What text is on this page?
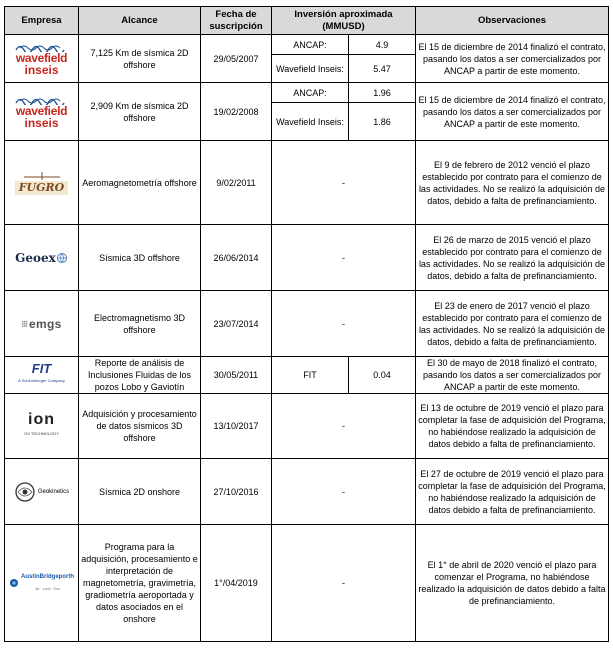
Empresa	Alcance	Fecha de suscripción	Inversión aproximada (MMUSD)		Observaciones

wavefield
inseis	7,125 Km de sísmica 2D offshore	29/05/2007	ANCAP:	4.9	El 15 de diciembre de 2014 finalizó el contrato, pasando los datos a ser comercializados por ANCAP a partir de este momento.
			Wavefield Inseis:	5.47	

wavefield
inseis	2,909 Km de sísmica 2D offshore	19/02/2008	ANCAP:	1.96	El 15 de diciembre de 2014 finalizó el contrato, pasando los datos a ser comercializados por ANCAP a partir de este momento.
			Wavefield Inseis:	1.86	

FUGRO	Aeromagnetometría offshore	9/02/2011	-		El 9 de febrero de 2012 venció el plazo establecido por contrato para el comienzo de las actividades. No se realizó la adquisición de datos, debido a falta de prefinanciamiento.

Geoex	Sísmica 3D offshore	26/06/2014	-		El 26 de marzo de 2015 venció el plazo establecido por contrato para el comienzo de las actividades. No se realizó la adquisición de datos, debido a falta de prefinanciamiento.

⁝⁝⁝ emgs	Electromagnetismo 3D offshore	23/07/2014	-		El 23 de enero de 2017 venció el plazo establecido por contrato para el comienzo de las actividades. No se realizó la adquisición de datos, debido a falta de prefinanciamiento.

FIT
A Schlumberger Company	Reporte de análisis de Inclusiones Fluidas de los pozos Lobo y Gaviotín	30/05/2011	FIT	0.04	El 30 de mayo de 2018 finalizó el contrato, pasando los datos a ser comercializados por ANCAP a partir de este momento.

ion
GX TECHNOLOGY	Adquisición y procesamiento de datos sísmicos 3D offshore	13/10/2017	-		El 13 de octubre de 2019 venció el plazo para completar la fase de adquisición del Programa, no habiéndose realizado la adquisición de datos debido a falta de prefinanciamiento.

Geokinetics	Sísmica 2D onshore	27/10/2016	-		El 27 de octubre de 2019 venció el plazo para completar la fase de adquisición del Programa, no habiéndose realizado la adquisición de datos debido a falta de prefinanciamiento.

AustinBridgeporth
Air · Land · Sea	Programa para la adquisición, procesamiento e interpretación de magnetometría, gravimetría, gradiometría aeroportada y datos asociados en el onshore	1°/04/2019	-		El 1° de abril de 2020 venció el plazo para comenzar el Programa, no habiéndose realizado la adquisición de datos debido a falta de prefinanciamiento.
